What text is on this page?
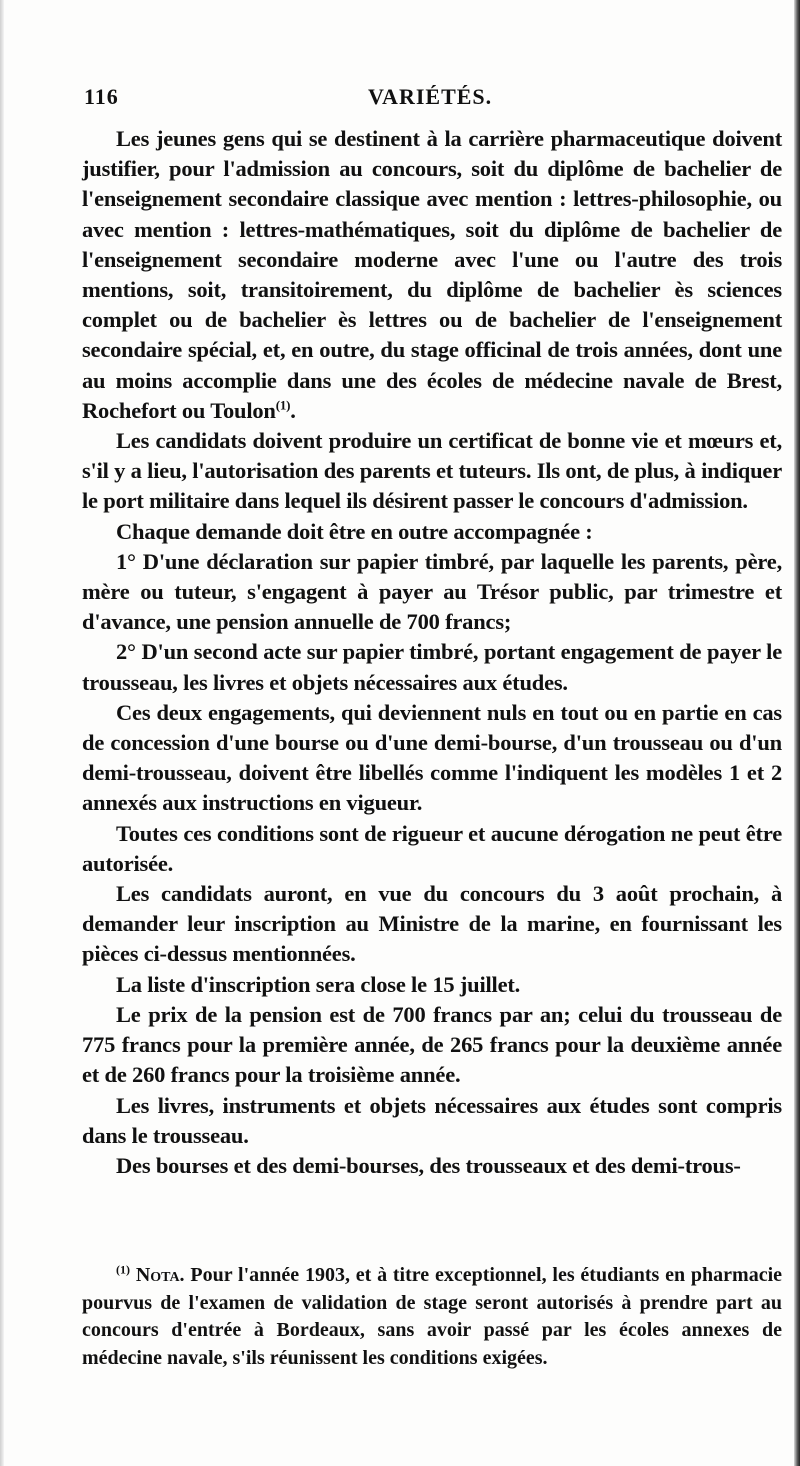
116	VARIÉTÉS.

Les jeunes gens qui se destinent à la carrière pharmaceutique doivent justifier, pour l'admission au concours, soit du diplôme de bachelier de l'enseignement secondaire classique avec mention : lettres-philosophie, ou avec mention : lettres-mathématiques, soit du diplôme de bachelier de l'enseignement secondaire moderne avec l'une ou l'autre des trois mentions, soit, transitoirement, du diplôme de bachelier ès sciences complet ou de bachelier ès lettres ou de bachelier de l'enseignement secondaire spécial, et, en outre, du stage officinal de trois années, dont une au moins accomplie dans une des écoles de médecine navale de Brest, Rochefort ou Toulon$^{(1)}$.

Les candidats doivent produire un certificat de bonne vie et mœurs et, s'il y a lieu, l'autorisation des parents et tuteurs. Ils ont, de plus, à indiquer le port militaire dans lequel ils désirent passer le concours d'admission.

Chaque demande doit être en outre accompagnée :

1° D'une déclaration sur papier timbré, par laquelle les parents, père, mère ou tuteur, s'engagent à payer au Trésor public, par trimestre et d'avance, une pension annuelle de 700 francs;

2° D'un second acte sur papier timbré, portant engagement de payer le trousseau, les livres et objets nécessaires aux études.

Ces deux engagements, qui deviennent nuls en tout ou en partie en cas de concession d'une bourse ou d'une demi-bourse, d'un trousseau ou d'un demi-trousseau, doivent être libellés comme l'indiquent les modèles 1 et 2 annexés aux instructions en vigueur.

Toutes ces conditions sont de rigueur et aucune dérogation ne peut être autorisée.

Les candidats auront, en vue du concours du 3 août prochain, à demander leur inscription au Ministre de la marine, en fournissant les pièces ci-dessus mentionnées.

La liste d'inscription sera close le 15 juillet.

Le prix de la pension est de 700 francs par an; celui du trousseau de 775 francs pour la première année, de 265 francs pour la deuxième année et de 260 francs pour la troisième année.

Les livres, instruments et objets nécessaires aux études sont compris dans le trousseau.

Des bourses et des demi-bourses, des trousseaux et des demi-trous-

$^{(1)}$ Nota. Pour l'année 1903, et à titre exceptionnel, les étudiants en pharmacie pourvus de l'examen de validation de stage seront autorisés à prendre part au concours d'entrée à Bordeaux, sans avoir passé par les écoles annexes de médecine navale, s'ils réunissent les conditions exigées.
